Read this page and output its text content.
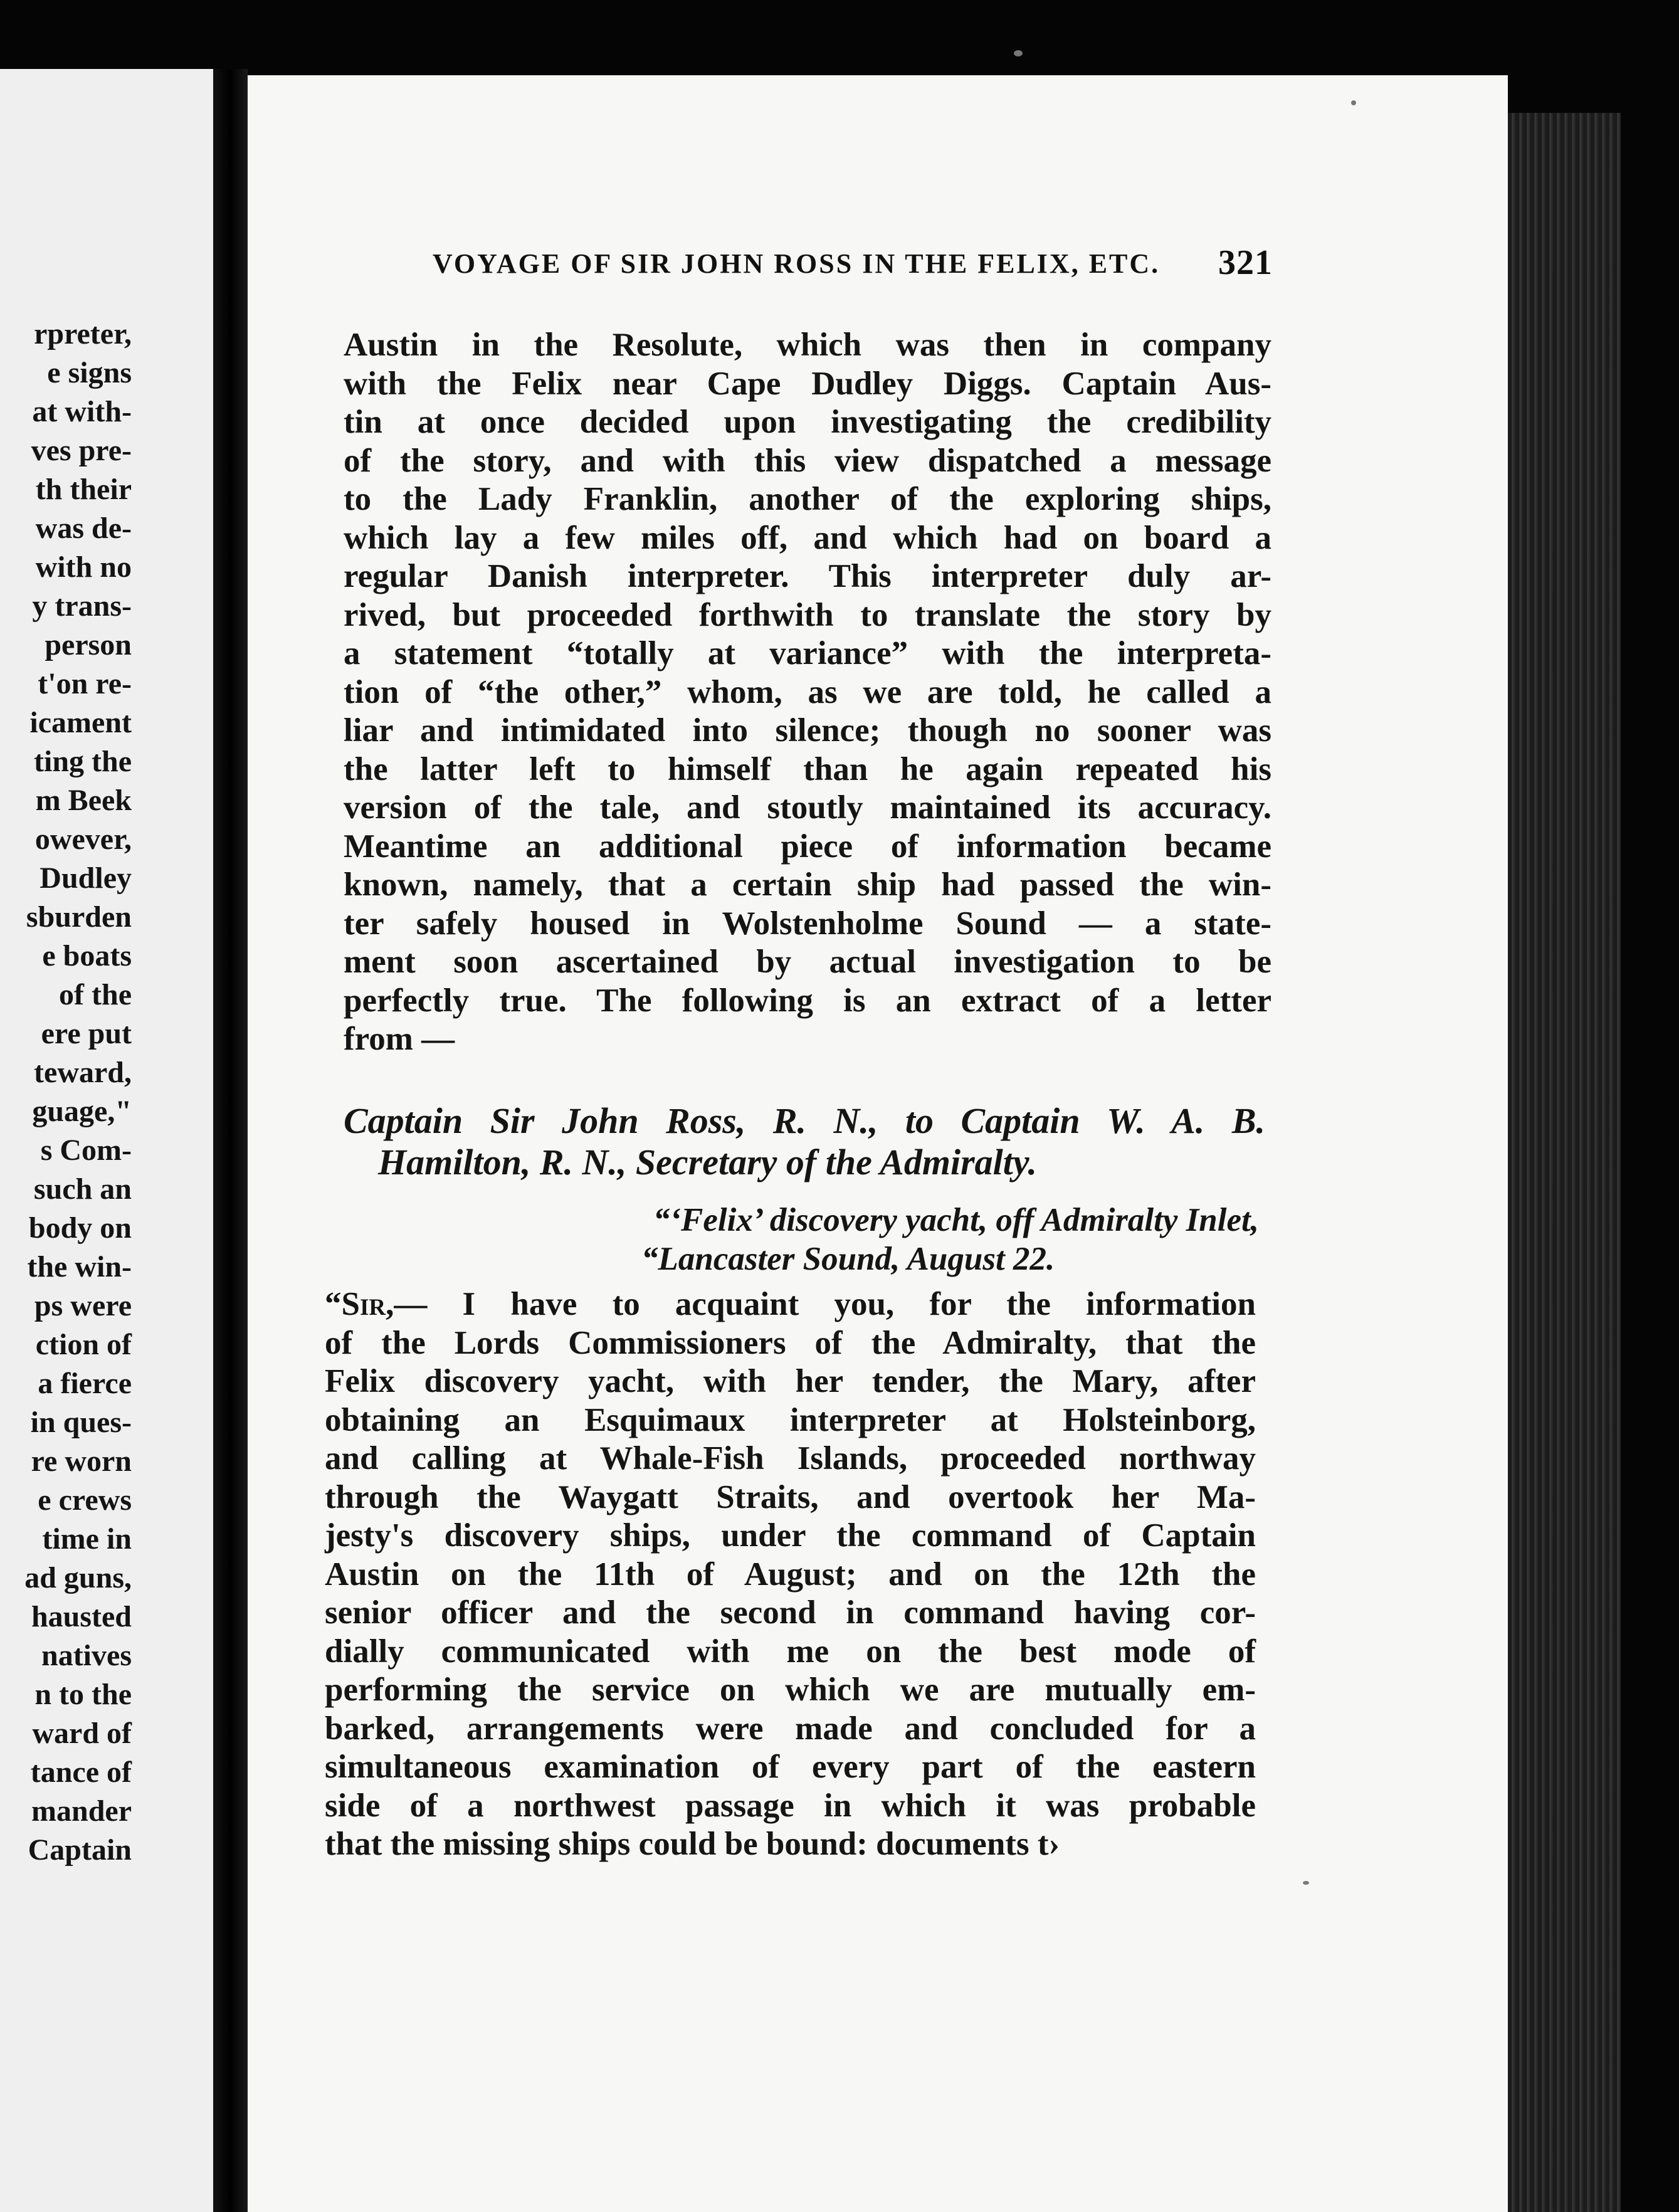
rpreter,
e signs
at with-
ves pre-
th their
was de-
with no
y trans-
person
t'on re-
icament
ting the
m Beek
owever,
Dudley
sburden
e boats
of the
ere put
teward,
guage,"
s Com-
such an
body on
the win-
ps were
ction of
a fierce
in ques-
re worn
e crews
time in
ad guns,
hausted
natives
n to the
ward of
tance of
mander
Captain
VOYAGE OF SIR JOHN ROSS IN THE FELIX, ETC. 321
Austin in the Resolute, which was then in company
with the Felix near Cape Dudley Diggs. Captain Aus-
tin at once decided upon investigating the credibility
of the story, and with this view dispatched a message
to the Lady Franklin, another of the exploring ships,
which lay a few miles off, and which had on board a
regular Danish interpreter. This interpreter duly ar-
rived, but proceeded forthwith to translate the story by
a statement “totally at variance” with the interpreta-
tion of “the other,” whom, as we are told, he called a
liar and intimidated into silence; though no sooner was
the latter left to himself than he again repeated his
version of the tale, and stoutly maintained its accuracy.
Meantime an additional piece of information became
known, namely, that a certain ship had passed the win-
ter safely housed in Wolstenholme Sound — a state-
ment soon ascertained by actual investigation to be
perfectly true. The following is an extract of a letter
from —
Captain Sir John Ross, R. N., to Captain W. A. B.
Hamilton, R. N., Secretary of the Admiralty.
“‘Felix’ discovery yacht, off Admiralty Inlet,
“Lancaster Sound, August 22.
“Sir,— I have to acquaint you, for the information
of the Lords Commissioners of the Admiralty, that the
Felix discovery yacht, with her tender, the Mary, after
obtaining an Esquimaux interpreter at Holsteinborg,
and calling at Whale-Fish Islands, proceeded northway
through the Waygatt Straits, and overtook her Ma-
jesty's discovery ships, under the command of Captain
Austin on the 11th of August; and on the 12th the
senior officer and the second in command having cor-
dially communicated with me on the best mode of
performing the service on which we are mutually em-
barked, arrangements were made and concluded for a
simultaneous examination of every part of the eastern
side of a northwest passage in which it was probable
that the missing ships could be bound: documents t›
